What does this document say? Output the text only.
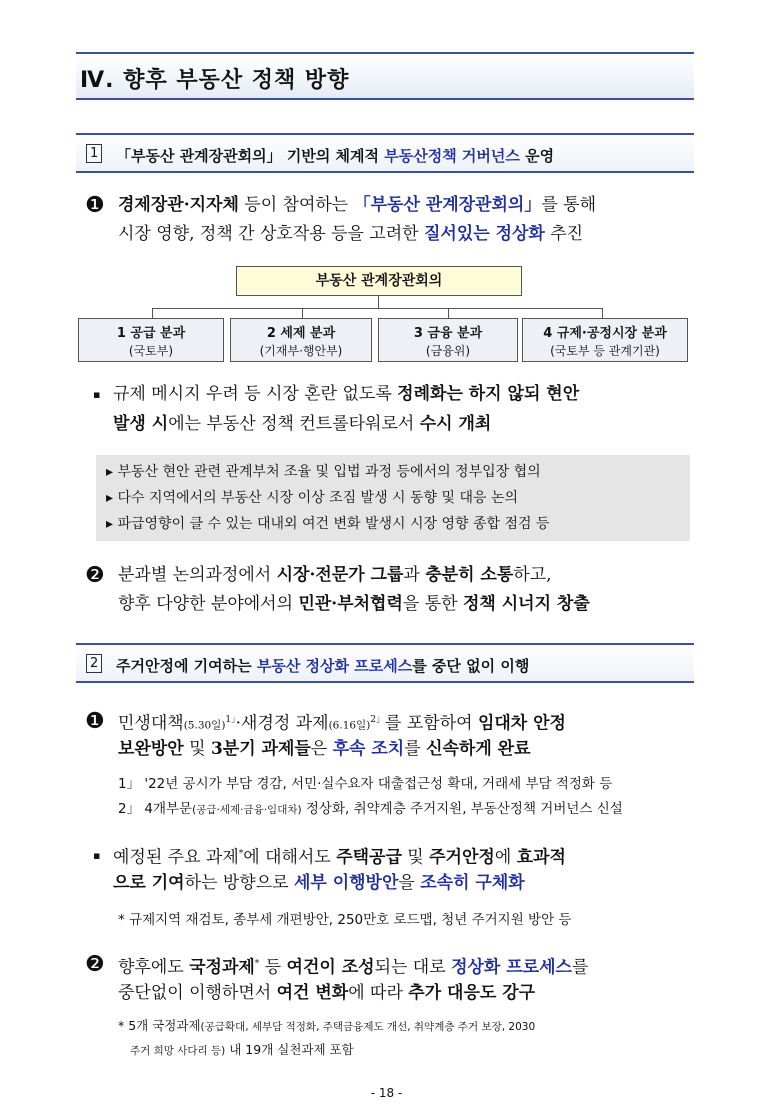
Ⅳ. 향후 부동산 정책 방향
1 「부동산 관계장관회의」 기반의 체계적 부동산정책 거버넌스 운영
❶ 경제장관·지자체 등이 참여하는 「부동산 관계장관회의」를 통해
시장 영향, 정책 간 상호작용 등을 고려한 질서있는 정상화 추진
부동산 관계장관회의
1 공급 분과
(국토부)
2 세제 분과
(기재부·행안부)
3 금융 분과
(금융위)
4 규제·공정시장 분과
(국토부 등 관계기관)
▪ 규제 메시지 우려 등 시장 혼란 없도록 정례화는 하지 않되 현안
발생 시에는 부동산 정책 컨트롤타워로서 수시 개최
▸ 부동산 현안 관련 관계부처 조율 및 입법 과정 등에서의 정부입장 협의
▸ 다수 지역에서의 부동산 시장 이상 조짐 발생 시 동향 및 대응 논의
▸ 파급영향이 클 수 있는 대내외 여건 변화 발생시 시장 영향 종합 점검 등
❷ 분과별 논의과정에서 시장·전문가 그룹과 충분히 소통하고,
향후 다양한 분야에서의 민관·부처협력을 통한 정책 시너지 창출
2 주거안정에 기여하는 부동산 정상화 프로세스를 중단 없이 이행
❶ 민생대책(5.30일)$^{1」}$·새경정 과제(6.16일)$^{2」}$를 포함하여 임대차 안정
보완방안 및 3분기 과제들은 후속 조치를 신속하게 완료
1」 '22년 공시가 부담 경감, 서민·실수요자 대출접근성 확대, 거래세 부담 적정화 등
2」 4개부문(공급·세제·금융·임대차) 정상화, 취약계층 주거지원, 부동산정책 거버넌스 신설
▪ 예정된 주요 과제*에 대해서도 주택공급 및 주거안정에 효과적
으로 기여하는 방향으로 세부 이행방안을 조속히 구체화
* 규제지역 재검토, 종부세 개편방안, 250만호 로드맵, 청년 주거지원 방안 등
❷ 향후에도 국정과제* 등 여건이 조성되는 대로 정상화 프로세스를
중단없이 이행하면서 여건 변화에 따라 추가 대응도 강구
* 5개 국정과제(공급확대, 세부담 적정화, 주택금융제도 개선, 취약계층 주거 보장, 2030
주거 희망 사다리 등) 내 19개 실천과제 포함
- 18 -
